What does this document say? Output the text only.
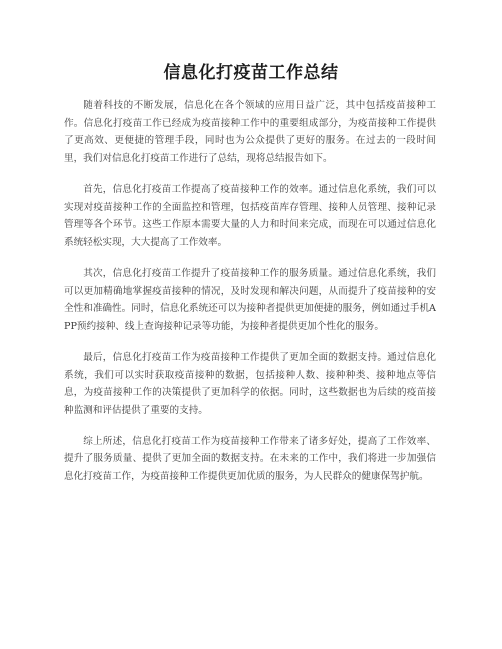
信息化打疫苗工作总结

随着科技的不断发展，信息化在各个领域的应用日益广泛，其中包括疫苗接种工作。信息化打疫苗工作已经成为疫苗接种工作中的重要组成部分，为疫苗接种工作提供了更高效、更便捷的管理手段，同时也为公众提供了更好的服务。在过去的一段时间里，我们对信息化打疫苗工作进行了总结，现将总结报告如下。

首先，信息化打疫苗工作提高了疫苗接种工作的效率。通过信息化系统，我们可以实现对疫苗接种工作的全面监控和管理，包括疫苗库存管理、接种人员管理、接种记录管理等各个环节。这些工作原本需要大量的人力和时间来完成，而现在可以通过信息化系统轻松实现，大大提高了工作效率。

其次，信息化打疫苗工作提升了疫苗接种工作的服务质量。通过信息化系统，我们可以更加精确地掌握疫苗接种的情况，及时发现和解决问题，从而提升了疫苗接种的安全性和准确性。同时，信息化系统还可以为接种者提供更加便捷的服务，例如通过手机APP预约接种、线上查询接种记录等功能，为接种者提供更加个性化的服务。

最后，信息化打疫苗工作为疫苗接种工作提供了更加全面的数据支持。通过信息化系统，我们可以实时获取疫苗接种的数据，包括接种人数、接种种类、接种地点等信息，为疫苗接种工作的决策提供了更加科学的依据。同时，这些数据也为后续的疫苗接种监测和评估提供了重要的支持。

综上所述，信息化打疫苗工作为疫苗接种工作带来了诸多好处，提高了工作效率、提升了服务质量、提供了更加全面的数据支持。在未来的工作中，我们将进一步加强信息化打疫苗工作，为疫苗接种工作提供更加优质的服务，为人民群众的健康保驾护航。
